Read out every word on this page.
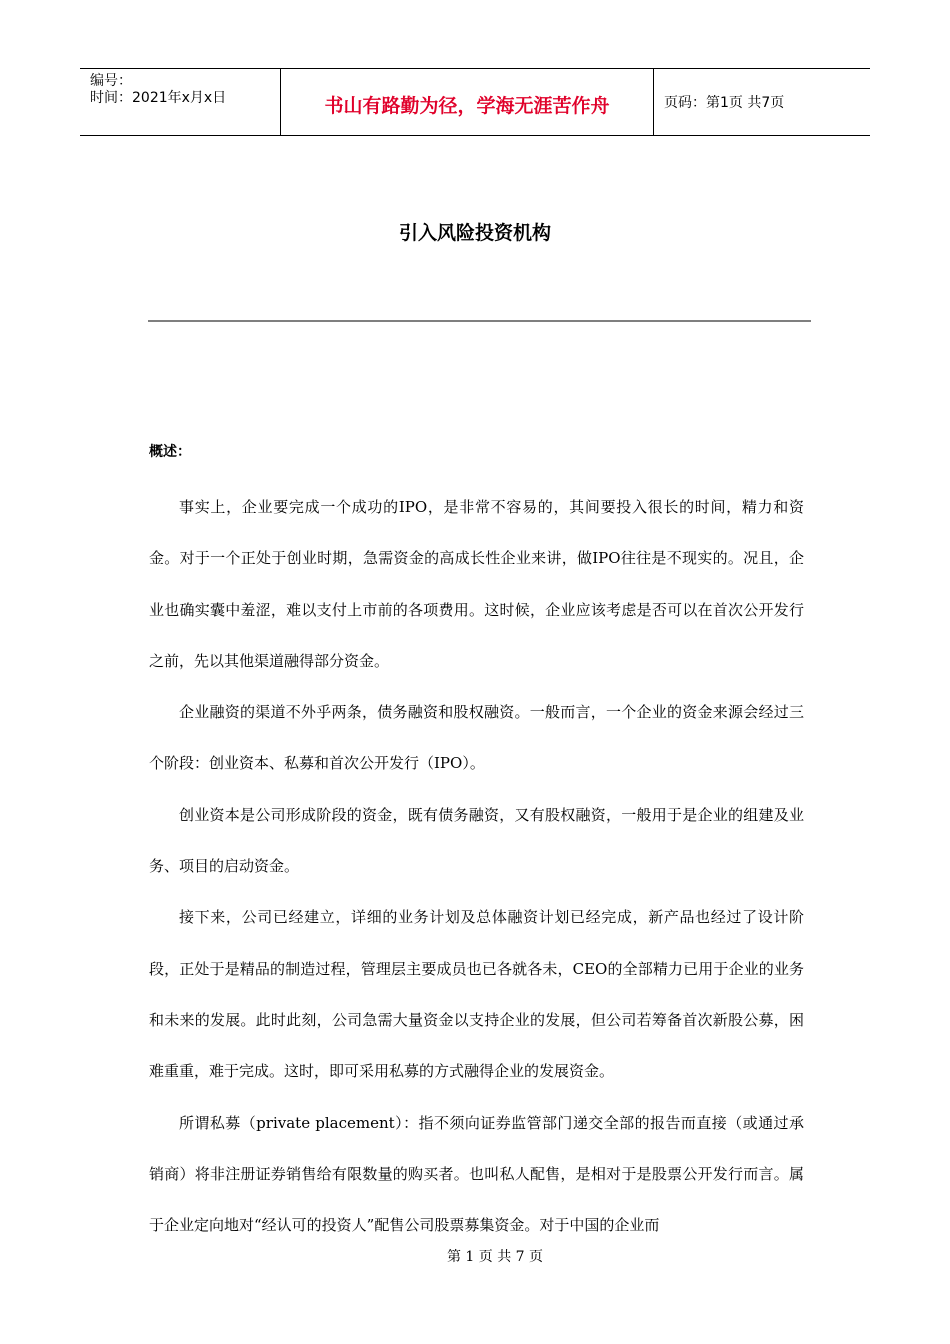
编号：
时间：2021年x月x日	书山有路勤为径，学海无涯苦作舟	页码：第1页 共7页
引入风险投资机构
概述：

事实上，企业要完成一个成功的IPO，是非常不容易的，其间要投入很长的时间，精力和资金。对于一个正处于创业时期，急需资金的高成长性企业来讲，做IPO往往是不现实的。况且，企业也确实囊中羞涩，难以支付上市前的各项费用。这时候，企业应该考虑是否可以在首次公开发行之前，先以其他渠道融得部分资金。

企业融资的渠道不外乎两条，债务融资和股权融资。一般而言，一个企业的资金来源会经过三个阶段：创业资本、私募和首次公开发行（IPO）。

创业资本是公司形成阶段的资金，既有债务融资，又有股权融资，一般用于是企业的组建及业务、项目的启动资金。

接下来，公司已经建立，详细的业务计划及总体融资计划已经完成，新产品也经过了设计阶段，正处于是精品的制造过程，管理层主要成员也已各就各未，CEO的全部精力已用于企业的业务和未来的发展。此时此刻，公司急需大量资金以支持企业的发展，但公司若筹备首次新股公募，困难重重，难于完成。这时，即可采用私募的方式融得企业的发展资金。

所谓私募（private placement）：指不须向证券监管部门递交全部的报告而直接（或通过承销商）将非注册证券销售给有限数量的购买者。也叫私人配售，是相对于是股票公开发行而言。属于企业定向地对“经认可的投资人”配售公司股票募集资金。对于中国的企业而

第 1 页 共 7 页
